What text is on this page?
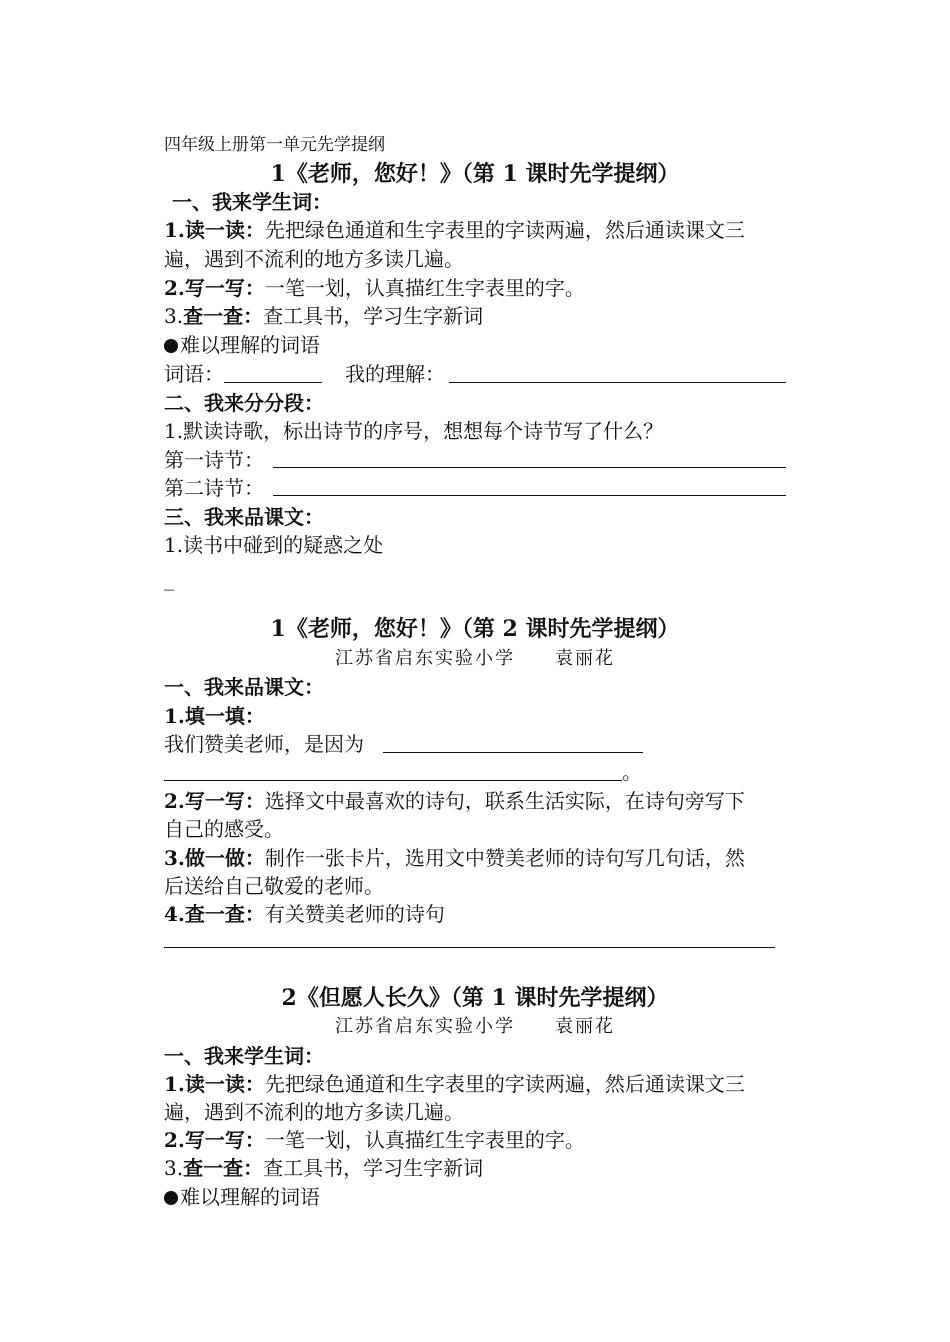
四年级上册第一单元先学提纲
1《老师，您好！》（第 1 课时先学提纲）
一、我来学生词：
1.读一读：先把绿色通道和生字表里的字读两遍，然后通读课文三
遍，遇到不流利的地方多读几遍。
2.写一写：一笔一划，认真描红生字表里的字。
3.查一查：查工具书，学习生字新词
难以理解的词语
词语：	我的理解：
二、我来分分段：
1.默读诗歌，标出诗节的序号，想想每个诗节写了什么？
第一诗节：
第二诗节：
三、我来品课文：
1.读书中碰到的疑惑之处
_
1《老师，您好！》（第 2 课时先学提纲）
江苏省启东实验小学　　袁丽花
一、我来品课文：
1.填一填：
我们赞美老师，是因为
。
2.写一写：选择文中最喜欢的诗句，联系生活实际，在诗句旁写下
自己的感受。
3.做一做：制作一张卡片，选用文中赞美老师的诗句写几句话，然
后送给自己敬爱的老师。
4.查一查：有关赞美老师的诗句
2《但愿人长久》（第 1 课时先学提纲）
江苏省启东实验小学　　袁丽花
一、我来学生词：
1.读一读：先把绿色通道和生字表里的字读两遍，然后通读课文三
遍，遇到不流利的地方多读几遍。
2.写一写：一笔一划，认真描红生字表里的字。
3.查一查：查工具书，学习生字新词
难以理解的词语
